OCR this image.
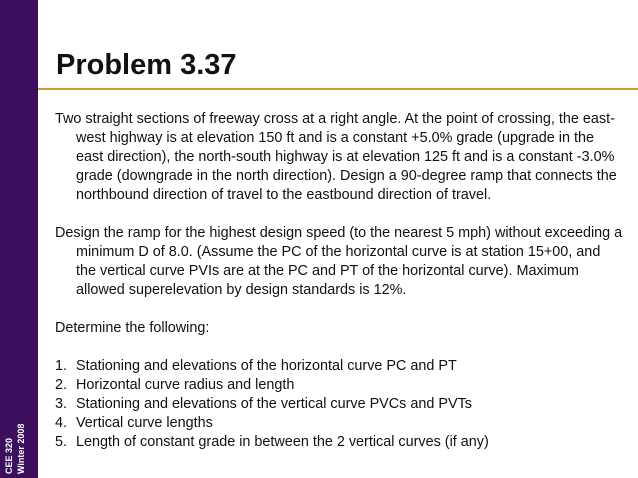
CEE 320 Winter 2008
Problem 3.37

Two straight sections of freeway cross at a right angle. At the point of crossing, the east-west highway is at elevation 150 ft and is a constant +5.0% grade (upgrade in the east direction), the north-south highway is at elevation 125 ft and is a constant -3.0% grade (downgrade in the north direction). Design a 90-degree ramp that connects the northbound direction of travel to the eastbound direction of travel.

Design the ramp for the highest design speed (to the nearest 5 mph) without exceeding a minimum D of 8.0. (Assume the PC of the horizontal curve is at station 15+00, and the vertical curve PVIs are at the PC and PT of the horizontal curve). Maximum allowed superelevation by design standards is 12%.

Determine the following:

1. Stationing and elevations of the horizontal curve PC and PT
2. Horizontal curve radius and length
3. Stationing and elevations of the vertical curve PVCs and PVTs
4. Vertical curve lengths
5. Length of constant grade in between the 2 vertical curves (if any)
